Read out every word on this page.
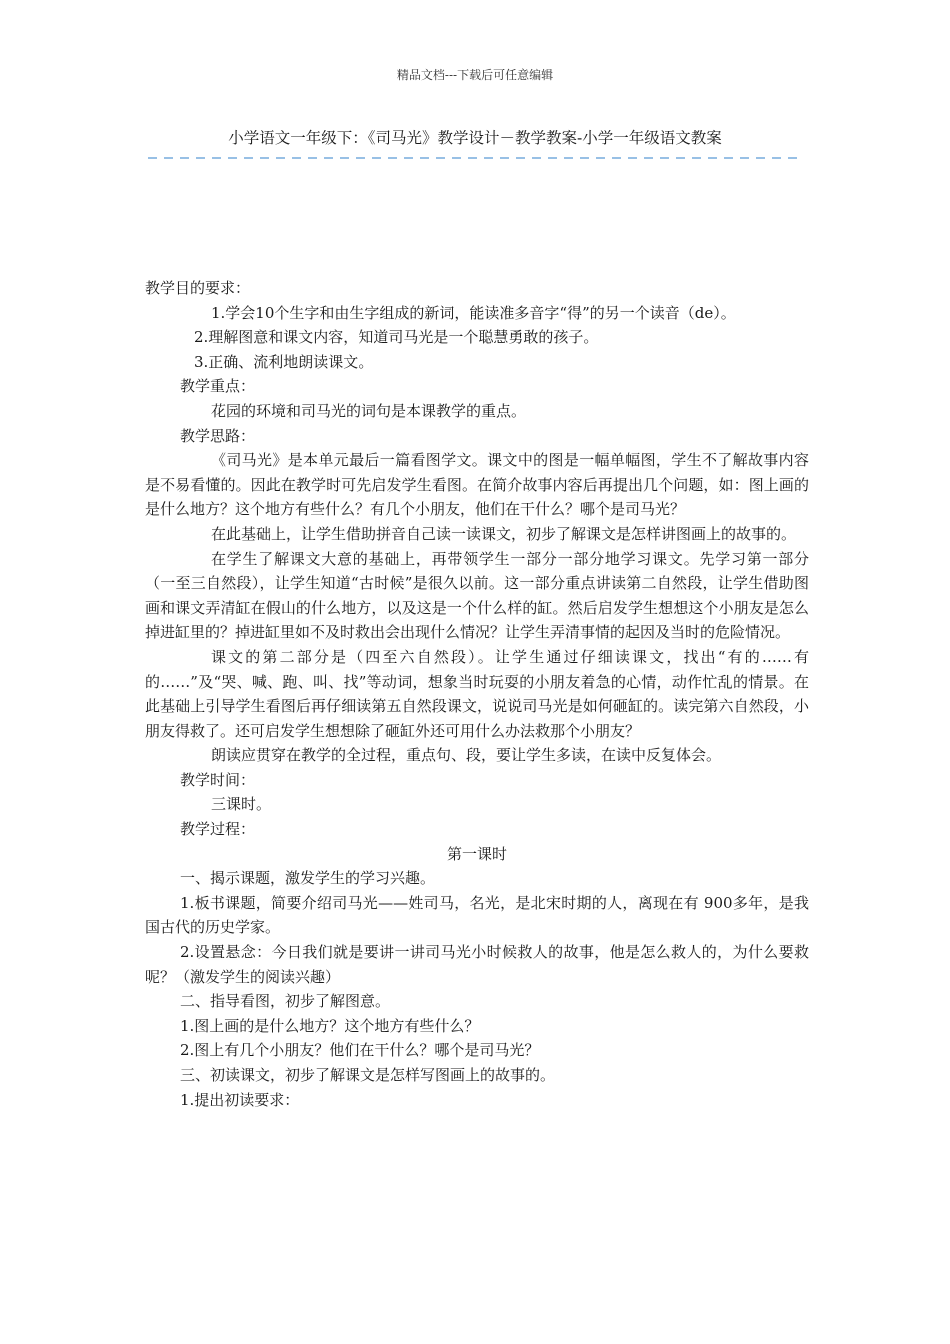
精品文档---下载后可任意编辑
小学语文一年级下：《司马光》教学设计－教学教案-小学一年级语文教案

教学目的要求：

1.学会10个生字和由生字组成的新词，能读准多音字“得”的另一个读音（de）。

2.理解图意和课文内容，知道司马光是一个聪慧勇敢的孩子。

3.正确、流利地朗读课文。

教学重点：

花园的环境和司马光的词句是本课教学的重点。

教学思路：

《司马光》是本单元最后一篇看图学文。课文中的图是一幅单幅图，学生不了解故事内容是不易看懂的。因此在教学时可先启发学生看图。在简介故事内容后再提出几个问题，如：图上画的是什么地方？这个地方有些什么？有几个小朋友，他们在干什么？哪个是司马光？

在此基础上，让学生借助拼音自己读一读课文，初步了解课文是怎样讲图画上的故事的。

在学生了解课文大意的基础上，再带领学生一部分一部分地学习课文。先学习第一部分（一至三自然段），让学生知道“古时候”是很久以前。这一部分重点讲读第二自然段，让学生借助图画和课文弄清缸在假山的什么地方，以及这是一个什么样的缸。然后启发学生想想这个小朋友是怎么掉进缸里的？掉进缸里如不及时救出会出现什么情况？让学生弄清事情的起因及当时的危险情况。

课文的第二部分是（四至六自然段）。让学生通过仔细读课文，找出“有的……有的……”及“哭、喊、跑、叫、找”等动词，想象当时玩耍的小朋友着急的心情，动作忙乱的情景。在此基础上引导学生看图后再仔细读第五自然段课文，说说司马光是如何砸缸的。读完第六自然段，小朋友得救了。还可启发学生想想除了砸缸外还可用什么办法救那个小朋友？

朗读应贯穿在教学的全过程，重点句、段，要让学生多读，在读中反复体会。

教学时间：

三课时。

教学过程：

第一课时

一、揭示课题，激发学生的学习兴趣。

1.板书课题，简要介绍司马光——姓司马，名光，是北宋时期的人，离现在有 900多年，是我国古代的历史学家。

2.设置悬念：今日我们就是要讲一讲司马光小时候救人的故事，他是怎么救人的，为什么要救呢？（激发学生的阅读兴趣）

二、指导看图，初步了解图意。

1.图上画的是什么地方？这个地方有些什么？

2.图上有几个小朋友？他们在干什么？哪个是司马光？

三、初读课文，初步了解课文是怎样写图画上的故事的。

1.提出初读要求：
